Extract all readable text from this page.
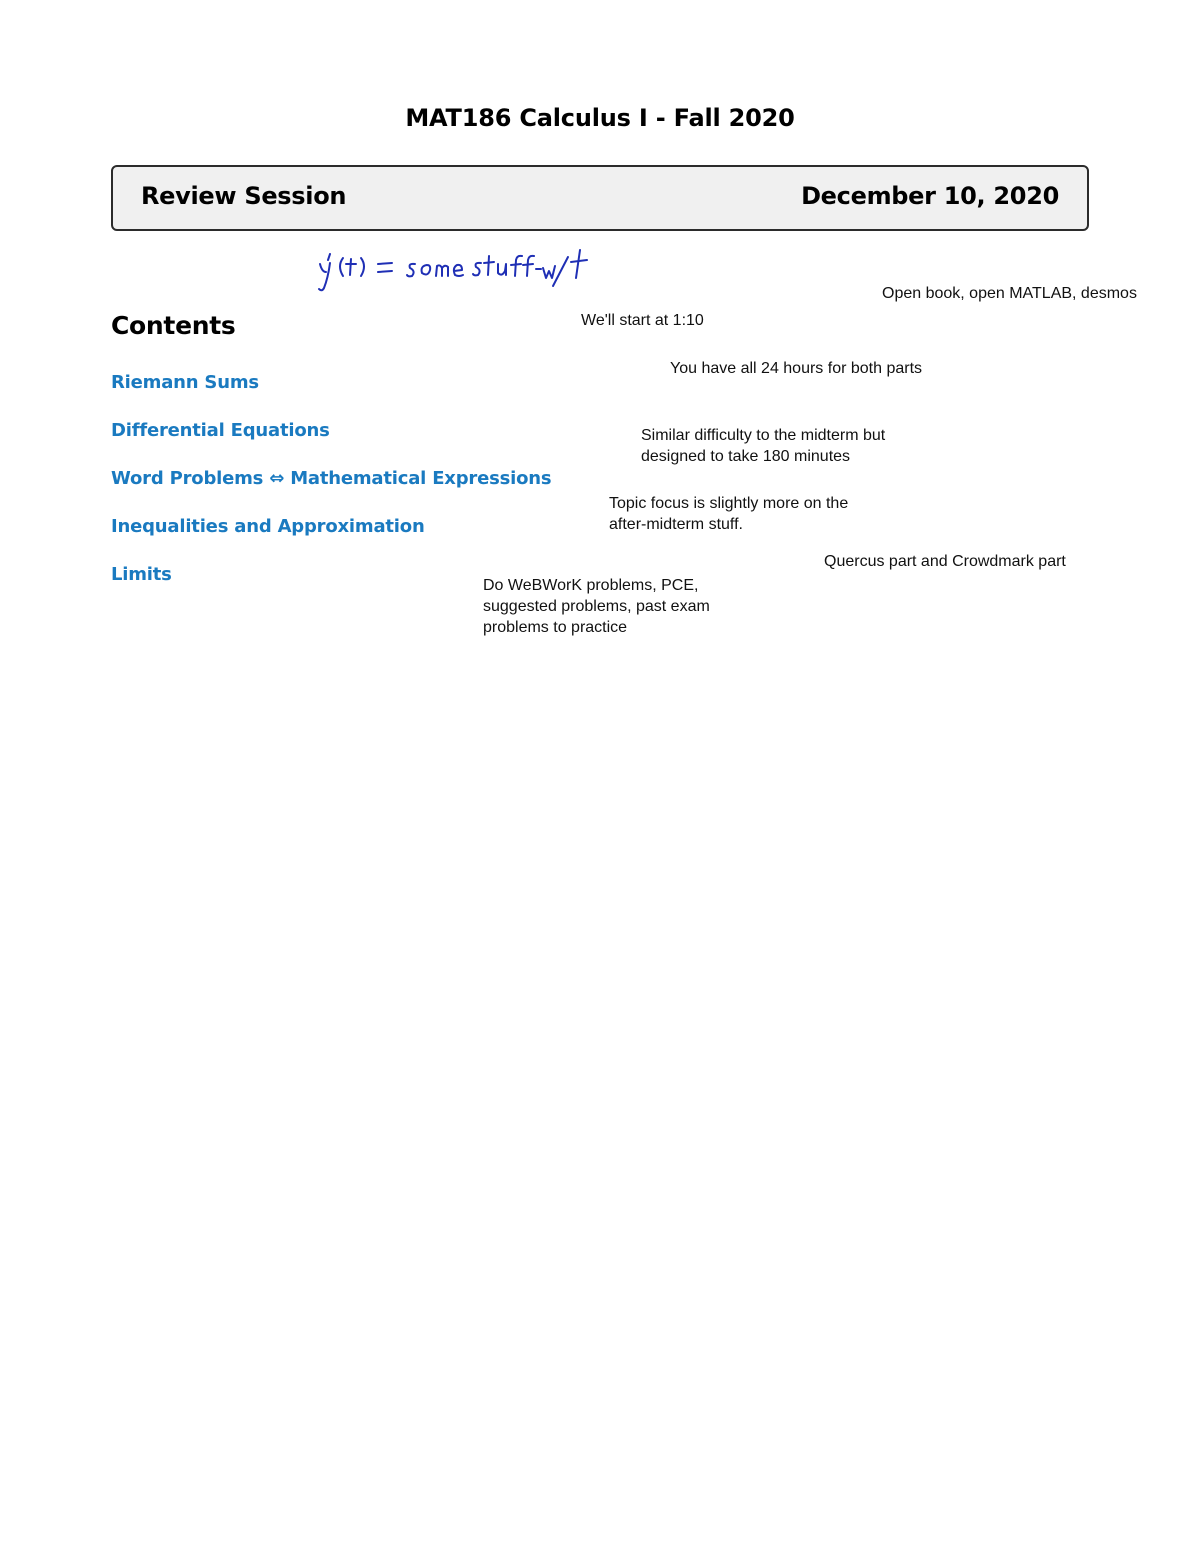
MAT186 Calculus I - Fall 2020
Review Session	December 10, 2020
Contents
Riemann Sums
Differential Equations
Word Problems ⇔ Mathematical Expressions
Inequalities and Approximation
Limits
Open book, open MATLAB, desmos
We'll start at 1:10
You have all 24 hours for both parts
Similar difficulty to the midterm but
designed to take 180 minutes
Topic focus is slightly more on the
after-midterm stuff.
Quercus part and Crowdmark part
Do WeBWorK problems, PCE,
suggested problems, past exam
problems to practice
